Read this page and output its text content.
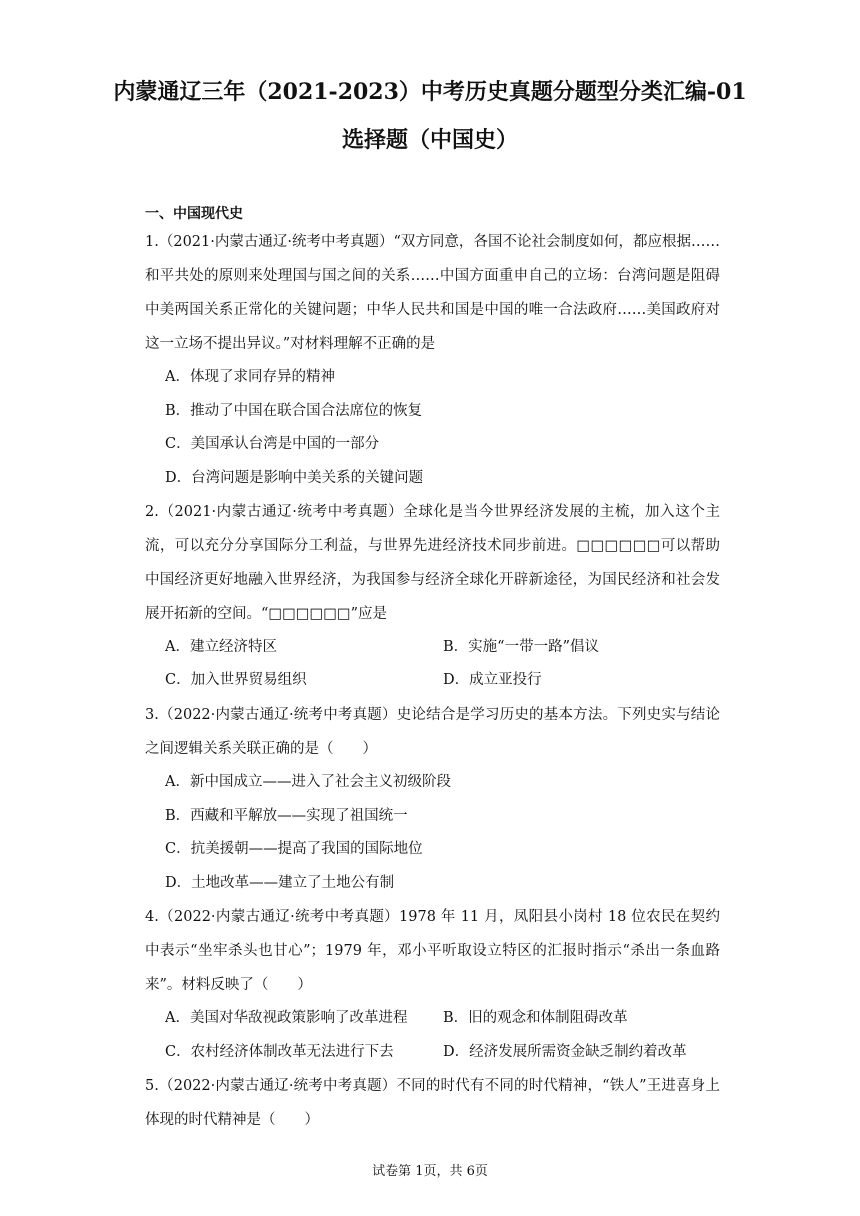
内蒙通辽三年（2021-2023）中考历史真题分题型分类汇编-01
选择题（中国史）
一、中国现代史
1.（2021·内蒙古通辽·统考中考真题）“双方同意，各国不论社会制度如何，都应根据……和平共处的原则来处理国与国之间的关系……中国方面重申自己的立场：台湾问题是阻碍中美两国关系正常化的关键问题；中华人民共和国是中国的唯一合法政府……美国政府对这一立场不提出异议。”对材料理解不正确的是
A．体现了求同存异的精神
B．推动了中国在联合国合法席位的恢复
C．美国承认台湾是中国的一部分
D．台湾问题是影响中美关系的关键问题
2.（2021·内蒙古通辽·统考中考真题）全球化是当今世界经济发展的主梳，加入这个主流，可以充分分享国际分工利益，与世界先进经济技术同步前进。□□□□□□可以帮助中国经济更好地融入世界经济，为我国参与经济全球化开辟新途径，为国民经济和社会发展开拓新的空间。“□□□□□□”应是
A．建立经济特区	B．实施“一带一路”倡议
C．加入世界贸易组织	D．成立亚投行
3.（2022·内蒙古通辽·统考中考真题）史论结合是学习历史的基本方法。下列史实与结论之间逻辑关系关联正确的是（　　）
A．新中国成立——进入了社会主义初级阶段
B．西藏和平解放——实现了祖国统一
C．抗美援朝——提高了我国的国际地位
D．土地改革——建立了土地公有制
4.（2022·内蒙古通辽·统考中考真题）1978 年 11 月，凤阳县小岗村 18 位农民在契约中表示“坐牢杀头也甘心”；1979 年，邓小平听取设立特区的汇报时指示“杀出一条血路来”。材料反映了（　　）
A．美国对华敌视政策影响了改革进程 B．旧的观念和体制阻碍改革
C．农村经济体制改革无法进行下去	D．经济发展所需资金缺乏制约着改革
5.（2022·内蒙古通辽·统考中考真题）不同的时代有不同的时代精神，“铁人”王进喜身上体现的时代精神是（　　）
试卷第 1页，共 6页
